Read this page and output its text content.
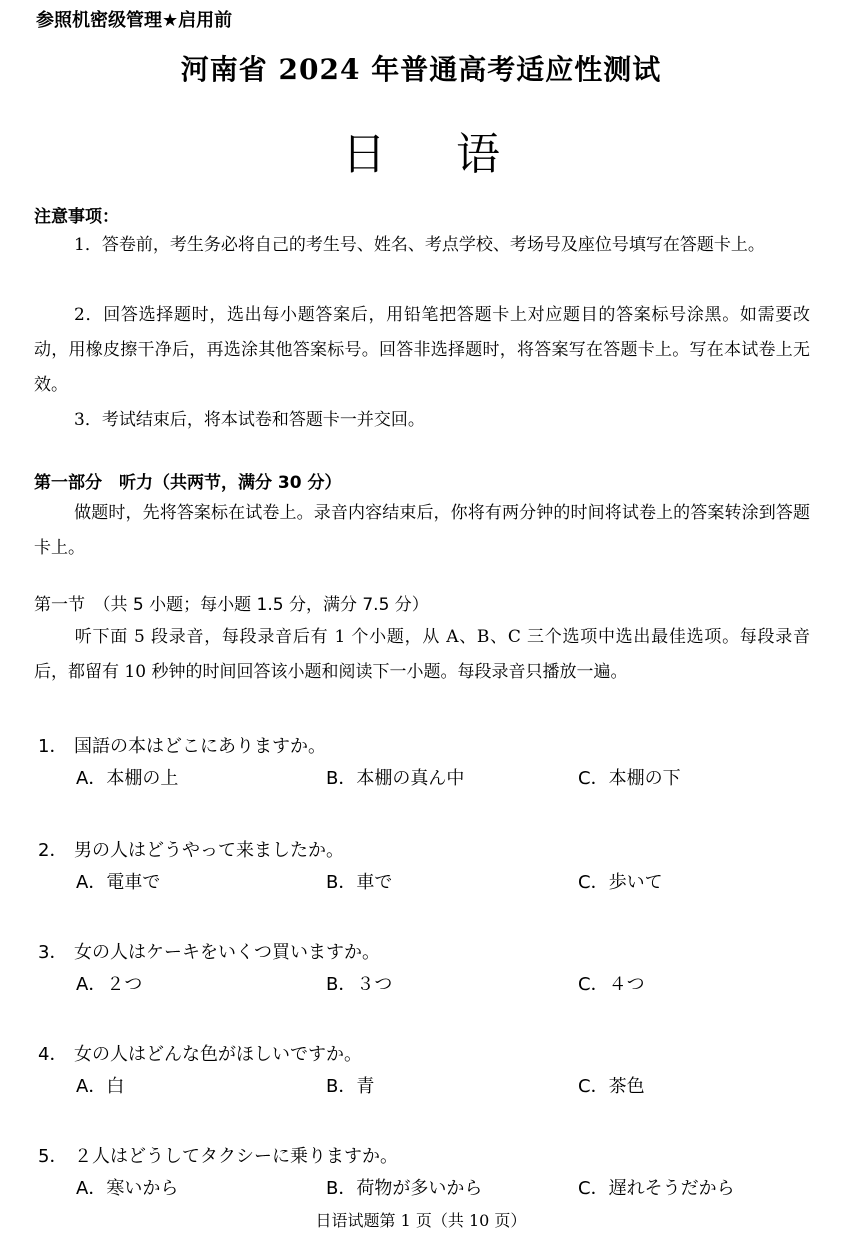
参照机密级管理★启用前
河南省 2024 年普通高考适应性测试
日语
注意事项：
1．答卷前，考生务必将自己的考生号、姓名、考点学校、考场号及座位号填写在答题卡上。
2．回答选择题时，选出每小题答案后，用铅笔把答题卡上对应题目的答案标号涂黑。如需要改动，用橡皮擦干净后，再选涂其他答案标号。回答非选择题时，将答案写在答题卡上。写在本试卷上无效。
3．考试结束后，将本试卷和答题卡一并交回。
第一部分　听力（共两节，满分 30 分）
做题时，先将答案标在试卷上。录音内容结束后，你将有两分钟的时间将试卷上的答案转涂到答题卡上。
第一节　（共 5 小题；每小题 1.5 分，满分 7.5 分）
听下面 5 段录音，每段录音后有 1 个小题，从 A、B、C 三个选项中选出最佳选项。每段录音后，都留有 10 秒钟的时间回答该小题和阅读下一小题。每段录音只播放一遍。
1． 国語の本はどこにありますか。
A．本棚の上	B．本棚の真ん中	C．本棚の下
2． 男の人はどうやって来ましたか。
A．電車で	B．車で	C．歩いて
3． 女の人はケーキをいくつ買いますか。
A．２つ	B．３つ	C．４つ
4． 女の人はどんな色がほしいですか。
A．白	B．青	C．茶色
5． ２人はどうしてタクシーに乗りますか。
A．寒いから	B．荷物が多いから	C．遅れそうだから
日语试题第 1 页（共 10 页）
